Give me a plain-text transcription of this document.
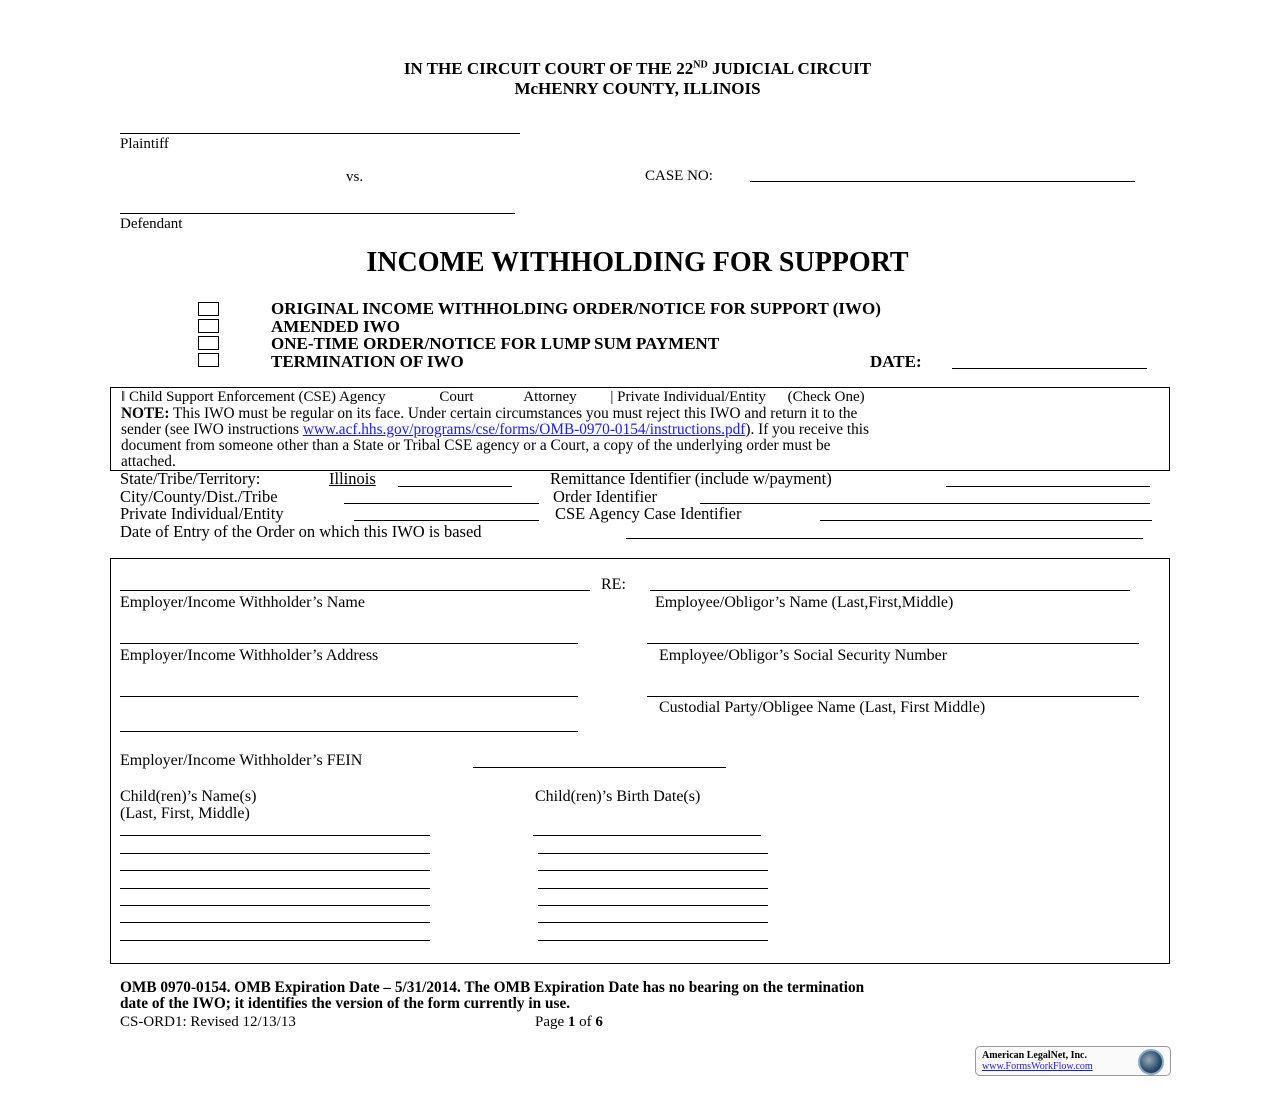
IN THE CIRCUIT COURT OF THE 22ND JUDICIAL CIRCUIT
McHENRY COUNTY, ILLINOIS
Plaintiff
vs.	CASE NO:
Defendant
INCOME WITHHOLDING FOR SUPPORT
ORIGINAL INCOME WITHHOLDING ORDER/NOTICE FOR SUPPORT (IWO)
AMENDED IWO
ONE-TIME ORDER/NOTICE FOR LUMP SUM PAYMENT
TERMINATION OF IWO	DATE:
‖ Child Support Enforcement (CSE) Agency	Court	Attorney | Private Individual/Entity (Check One)
NOTE: This IWO must be regular on its face. Under certain circumstances you must reject this IWO and return it to the
sender (see IWO instructions www.acf.hhs.gov/programs/cse/forms/OMB-0970-0154/instructions.pdf). If you receive this
document from someone other than a State or Tribal CSE agency or a Court, a copy of the underlying order must be
attached.
State/Tribe/Territory:	Illinois	Remittance Identifier (include w/payment)
City/County/Dist./Tribe	Order Identifier
Private Individual/Entity	CSE Agency Case Identifier
Date of Entry of the Order on which this IWO is based
RE:
Employer/Income Withholder’s Name	Employee/Obligor’s Name (Last,First,Middle)
Employer/Income Withholder’s Address	Employee/Obligor’s Social Security Number
Custodial Party/Obligee Name (Last, First Middle)
Employer/Income Withholder’s FEIN
Child(ren)’s Name(s)
(Last, First, Middle)
Child(ren)’s Birth Date(s)
OMB 0970-0154. OMB Expiration Date – 5/31/2014. The OMB Expiration Date has no bearing on the termination
date of the IWO; it identifies the version of the form currently in use.
CS-ORD1: Revised 12/13/13	Page 1 of 6
American LegalNet, Inc.
www.FormsWorkFlow.com
